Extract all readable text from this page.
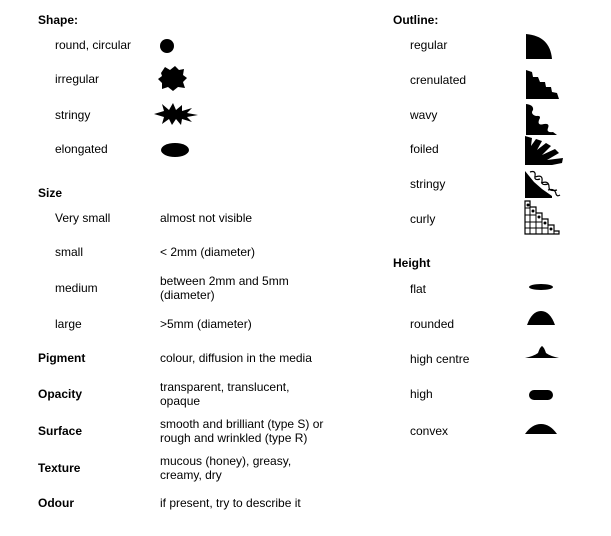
Shape:
round, circular
irregular
stringy
elongated
Size
Very small	almost not visible
small	< 2mm (diameter)
medium	between 2mm and 5mm (diameter)
large	>5mm (diameter)
Pigment	colour, diffusion in the media
Opacity	transparent, translucent, opaque
Surface	smooth and brilliant (type S) or rough and wrinkled (type R)
Texture	mucous (honey), greasy, creamy, dry
Odour	if present, try to describe it
Outline:
regular
crenulated
wavy
foiled
stringy
curly
Height
flat
rounded
high centre
high
convex
